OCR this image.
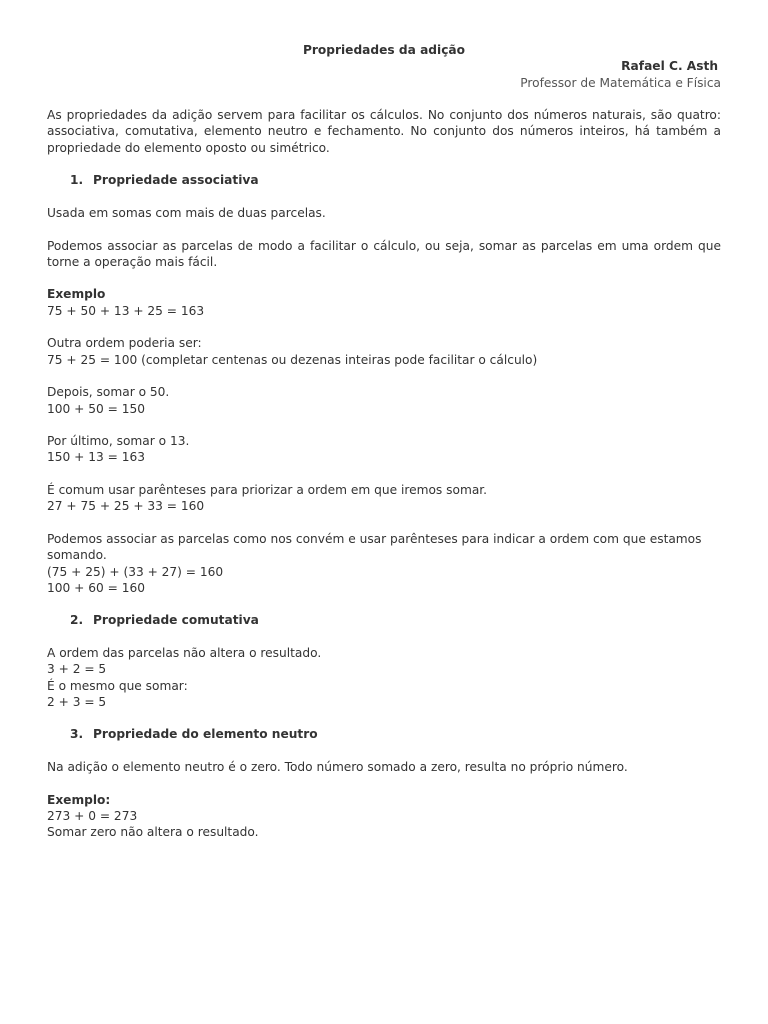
Propriedades da adição

Rafael C. Asth

Professor de Matemática e Física

As propriedades da adição servem para facilitar os cálculos. No conjunto dos números naturais, são quatro: associativa, comutativa, elemento neutro e fechamento. No conjunto dos números inteiros, há também a propriedade do elemento oposto ou simétrico.

1. Propriedade associativa

Usada em somas com mais de duas parcelas.

Podemos associar as parcelas de modo a facilitar o cálculo, ou seja, somar as parcelas em uma ordem que torne a operação mais fácil.

Exemplo

75 + 50 + 13 + 25 = 163

Outra ordem poderia ser:

75 + 25 = 100 (completar centenas ou dezenas inteiras pode facilitar o cálculo)

Depois, somar o 50.

100 + 50 = 150

Por último, somar o 13.

150 + 13 = 163

É comum usar parênteses para priorizar a ordem em que iremos somar.

27 + 75 + 25 + 33 = 160

Podemos associar as parcelas como nos convém e usar parênteses para indicar a ordem com que estamos somando.

(75 + 25) + (33 + 27) = 160

100 + 60 = 160

2. Propriedade comutativa

A ordem das parcelas não altera o resultado.

3 + 2 = 5

É o mesmo que somar:

2 + 3 = 5

3. Propriedade do elemento neutro

Na adição o elemento neutro é o zero. Todo número somado a zero, resulta no próprio número.

Exemplo:

273 + 0 = 273

Somar zero não altera o resultado.
